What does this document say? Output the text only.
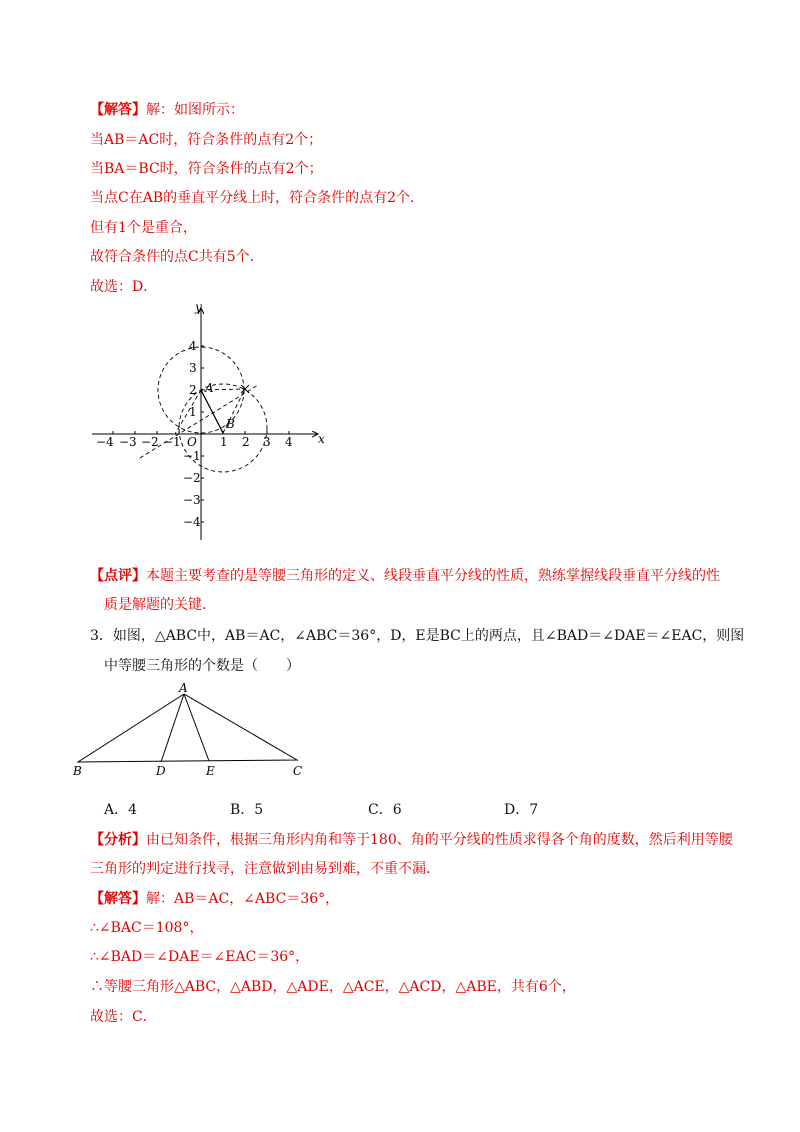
【解答】解：如图所示：
当AB＝AC时，符合条件的点有2个；
当BA＝BC时，符合条件的点有2个；
当点C在AB的垂直平分线上时，符合条件的点有2个．
但有1个是重合，
故符合条件的点C共有5个．
故选：D．
y
x
O
A
B
−4 −3 −2 −1	1 2 3 4
4
3
2
1
−1
−2
−3
−4
【点评】本题主要考查的是等腰三角形的定义、线段垂直平分线的性质，熟练掌握线段垂直平分线的性
质是解题的关键．
3．如图，△ABC中，AB＝AC，∠ABC＝36°，D，E是BC上的两点，且∠BAD＝∠DAE＝∠EAC，则图
中等腰三角形的个数是（　　）
A
B	D	E	C
A．4	B．5	C．6	D．7
【分析】由已知条件，根据三角形内角和等于180、角的平分线的性质求得各个角的度数，然后利用等腰
三角形的判定进行找寻，注意做到由易到难，不重不漏．
【解答】解：AB＝AC，∠ABC＝36°，
∴∠BAC＝108°，
∴∠BAD＝∠DAE＝∠EAC＝36°，
∴等腰三角形△ABC，△ABD，△ADE，△ACE，△ACD，△ABE，共有6个，
故选：C．
